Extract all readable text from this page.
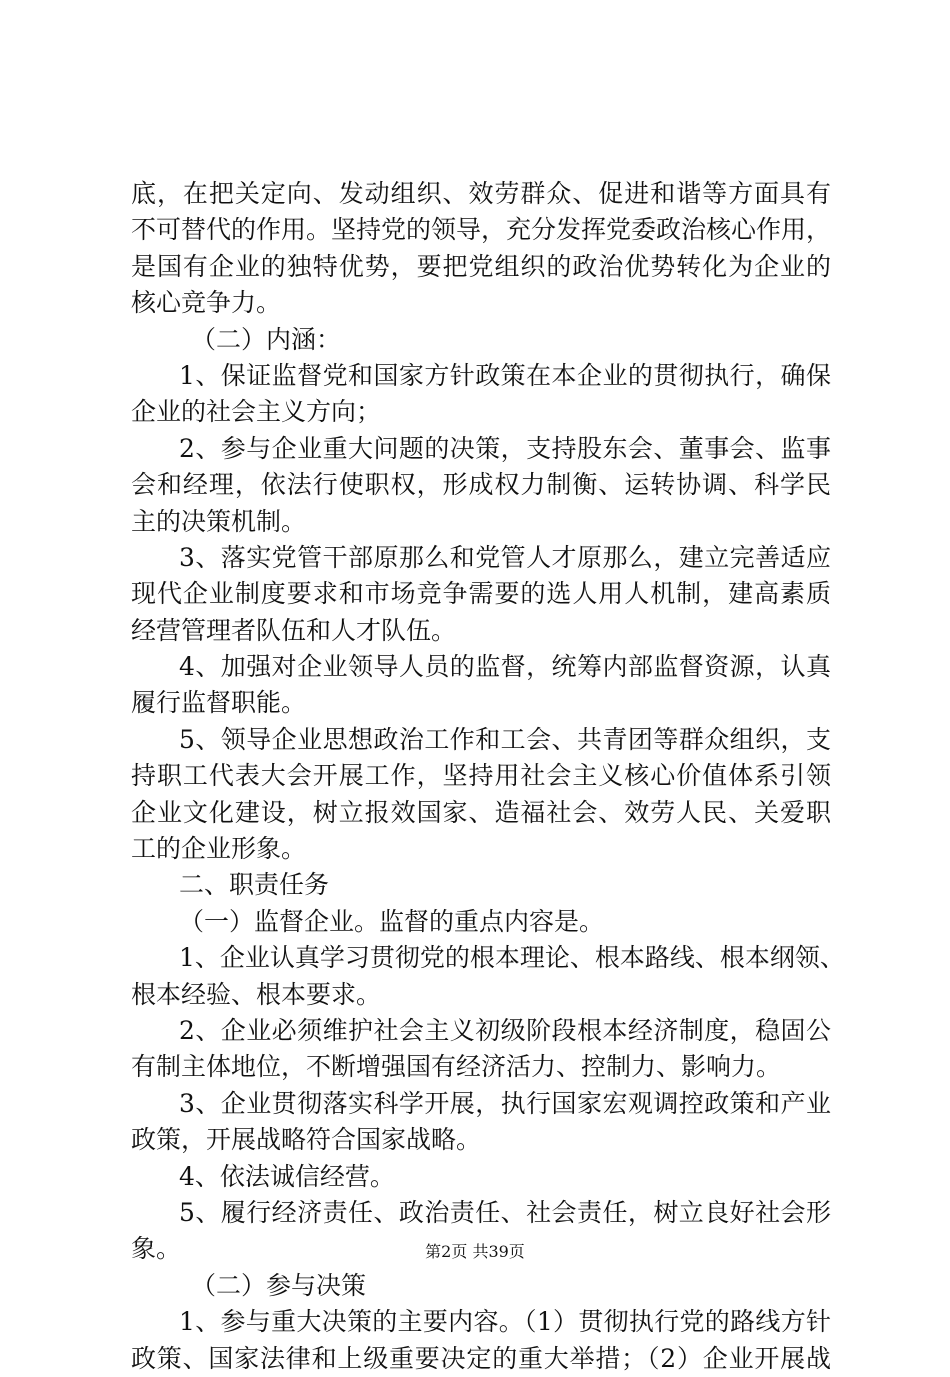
底，在把关定向、发动组织、效劳群众、促进和谐等方面具有
不可替代的作用。坚持党的领导，充分发挥党委政治核心作用，
是国有企业的独特优势，要把党组织的政治优势转化为企业的
核心竞争力。
（二）内涵：
1、保证监督党和国家方针政策在本企业的贯彻执行，确保
企业的社会主义方向；
2、参与企业重大问题的决策，支持股东会、董事会、监事
会和经理，依法行使职权，形成权力制衡、运转协调、科学民
主的决策机制。
3、落实党管干部原那么和党管人才原那么，建立完善适应
现代企业制度要求和市场竞争需要的选人用人机制，建高素质
经营管理者队伍和人才队伍。
4、加强对企业领导人员的监督，统筹内部监督资源，认真
履行监督职能。
5、领导企业思想政治工作和工会、共青团等群众组织，支
持职工代表大会开展工作，坚持用社会主义核心价值体系引领
企业文化建设，树立报效国家、造福社会、效劳人民、关爱职
工的企业形象。
二、职责任务
（一）监督企业。监督的重点内容是。
1、企业认真学习贯彻党的根本理论、根本路线、根本纲领、
根本经验、根本要求。
2、企业必须维护社会主义初级阶段根本经济制度，稳固公
有制主体地位，不断增强国有经济活力、控制力、影响力。
3、企业贯彻落实科学开展，执行国家宏观调控政策和产业
政策，开展战略符合国家战略。
4、依法诚信经营。
5、履行经济责任、政治责任、社会责任，树立良好社会形
象。
（二）参与决策
1、参与重大决策的主要内容。（1）贯彻执行党的路线方针
政策、国家法律和上级重要决定的重大举措；（2）企业开展战
第2页 共39页
